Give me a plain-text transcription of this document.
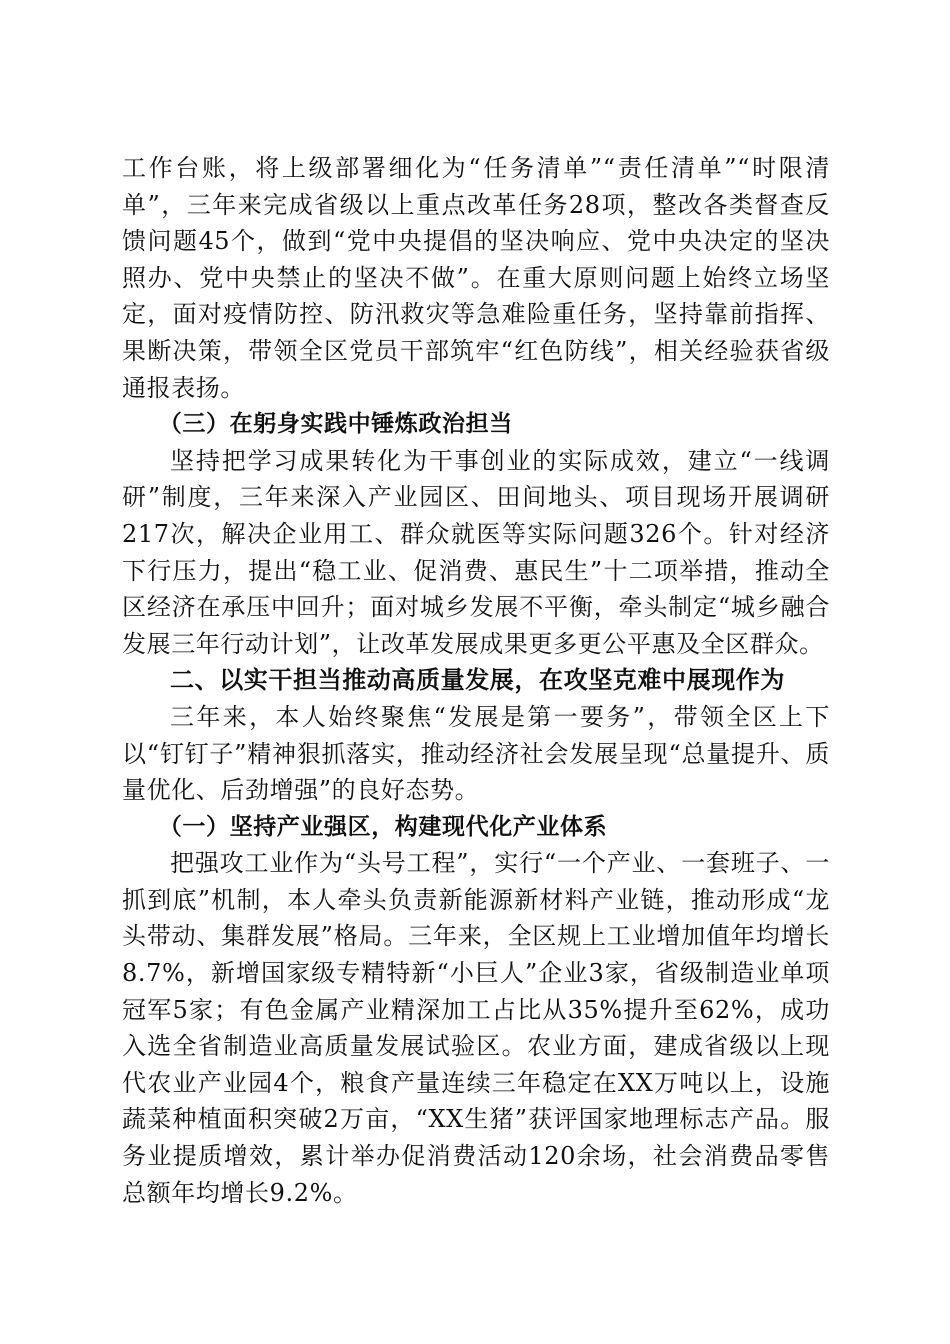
工作台账，将上级部署细化为“任务清单”“责任清单”“时限清单”，三年来完成省级以上重点改革任务28项，整改各类督查反馈问题45个，做到“党中央提倡的坚决响应、党中央决定的坚决照办、党中央禁止的坚决不做”。在重大原则问题上始终立场坚定，面对疫情防控、防汛救灾等急难险重任务，坚持靠前指挥、果断决策，带领全区党员干部筑牢“红色防线”，相关经验获省级通报表扬。

（三）在躬身实践中锤炼政治担当

坚持把学习成果转化为干事创业的实际成效，建立“一线调研”制度，三年来深入产业园区、田间地头、项目现场开展调研217次，解决企业用工、群众就医等实际问题326个。针对经济下行压力，提出“稳工业、促消费、惠民生”十二项举措，推动全区经济在承压中回升；面对城乡发展不平衡，牵头制定“城乡融合发展三年行动计划”，让改革发展成果更多更公平惠及全区群众。

二、以实干担当推动高质量发展，在攻坚克难中展现作为

三年来，本人始终聚焦“发展是第一要务”，带领全区上下以“钉钉子”精神狠抓落实，推动经济社会发展呈现“总量提升、质量优化、后劲增强”的良好态势。

（一）坚持产业强区，构建现代化产业体系

把强攻工业作为“头号工程”，实行“一个产业、一套班子、一抓到底”机制，本人牵头负责新能源新材料产业链，推动形成“龙头带动、集群发展”格局。三年来，全区规上工业增加值年均增长8.7%，新增国家级专精特新“小巨人”企业3家，省级制造业单项冠军5家；有色金属产业精深加工占比从35%提升至62%，成功入选全省制造业高质量发展试验区。农业方面，建成省级以上现代农业产业园4个，粮食产量连续三年稳定在XX万吨以上，设施蔬菜种植面积突破2万亩，“XX生猪”获评国家地理标志产品。服务业提质增效，累计举办促消费活动120余场，社会消费品零售总额年均增长9.2%。
